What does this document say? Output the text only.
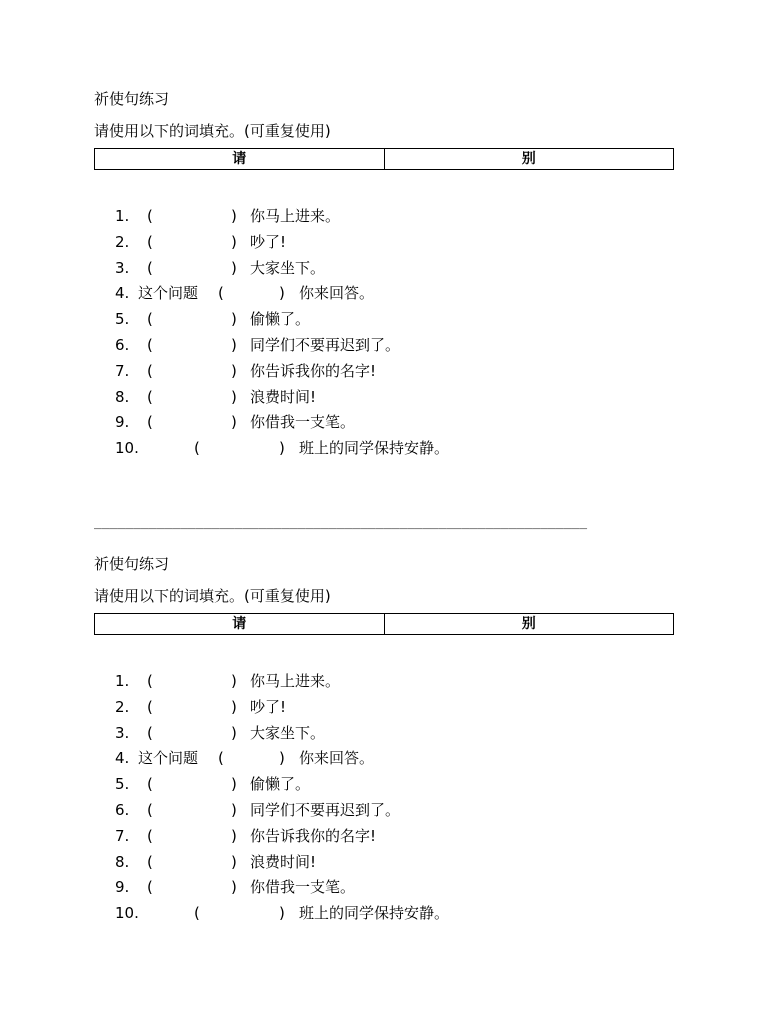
祈使句练习
请使用以下的词填充。(可重复使用)
请	别
1. (	) 你马上进来。
2. (	) 吵了!
3. (	) 大家坐下。
4. 这个问题 (	) 你来回答。
5. (	) 偷懒了。
6. (	) 同学们不要再迟到了。
7. (	) 你告诉我你的名字!
8. (	) 浪费时间!
9. (	) 你借我一支笔。
10.	(	) 班上的同学保持安静。
_______________________________________________________________
祈使句练习
请使用以下的词填充。(可重复使用)
请	别
1. (	) 你马上进来。
2. (	) 吵了!
3. (	) 大家坐下。
4. 这个问题 (	) 你来回答。
5. (	) 偷懒了。
6. (	) 同学们不要再迟到了。
7. (	) 你告诉我你的名字!
8. (	) 浪费时间!
9. (	) 你借我一支笔。
10.	(	) 班上的同学保持安静。
